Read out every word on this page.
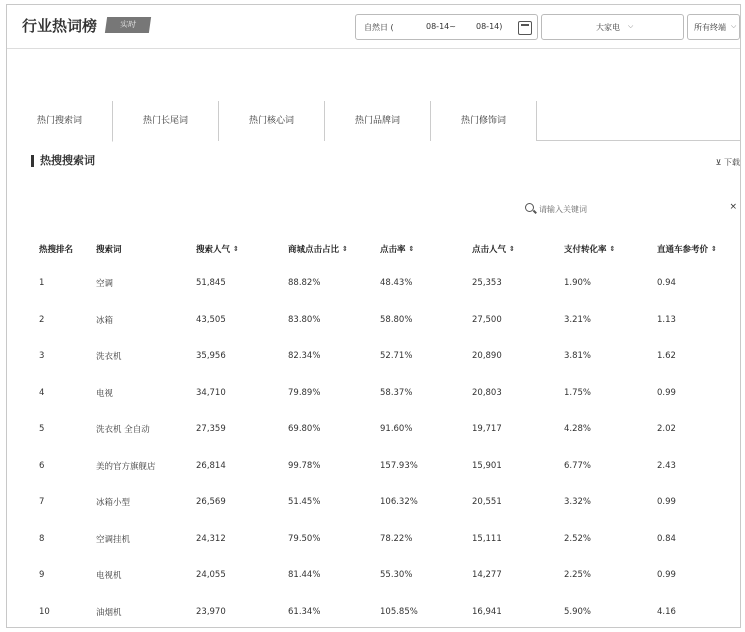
行业热词榜	实时	自然日 (	08-14~	08-14)	大家电 ⌵	所有终端 ⌵
热门搜索词	热门长尾词	热门核心词	热门品牌词	热门修饰词
热搜搜索词	⊻ 下载
请输入关键词
×
热搜排名	搜索词	搜索人气 ⇕	商城点击占比 ⇕	点击率 ⇕	点击人气 ⇕	支付转化率 ⇕	直通车参考价 ⇕
1	空调	51,845	88.82%	48.43%	25,353	1.90%	0.94
2	冰箱	43,505	83.80%	58.80%	27,500	3.21%	1.13
3	洗衣机	35,956	82.34%	52.71%	20,890	3.81%	1.62
4	电视	34,710	79.89%	58.37%	20,803	1.75%	0.99
5	洗衣机 全自动	27,359	69.80%	91.60%	19,717	4.28%	2.02
6	美的官方旗舰店	26,814	99.78%	157.93%	15,901	6.77%	2.43
7	冰箱小型	26,569	51.45%	106.32%	20,551	3.32%	0.99
8	空调挂机	24,312	79.50%	78.22%	15,111	2.52%	0.84
9	电视机	24,055	81.44%	55.30%	14,277	2.25%	0.99
10	油烟机	23,970	61.34%	105.85%	16,941	5.90%	4.16
